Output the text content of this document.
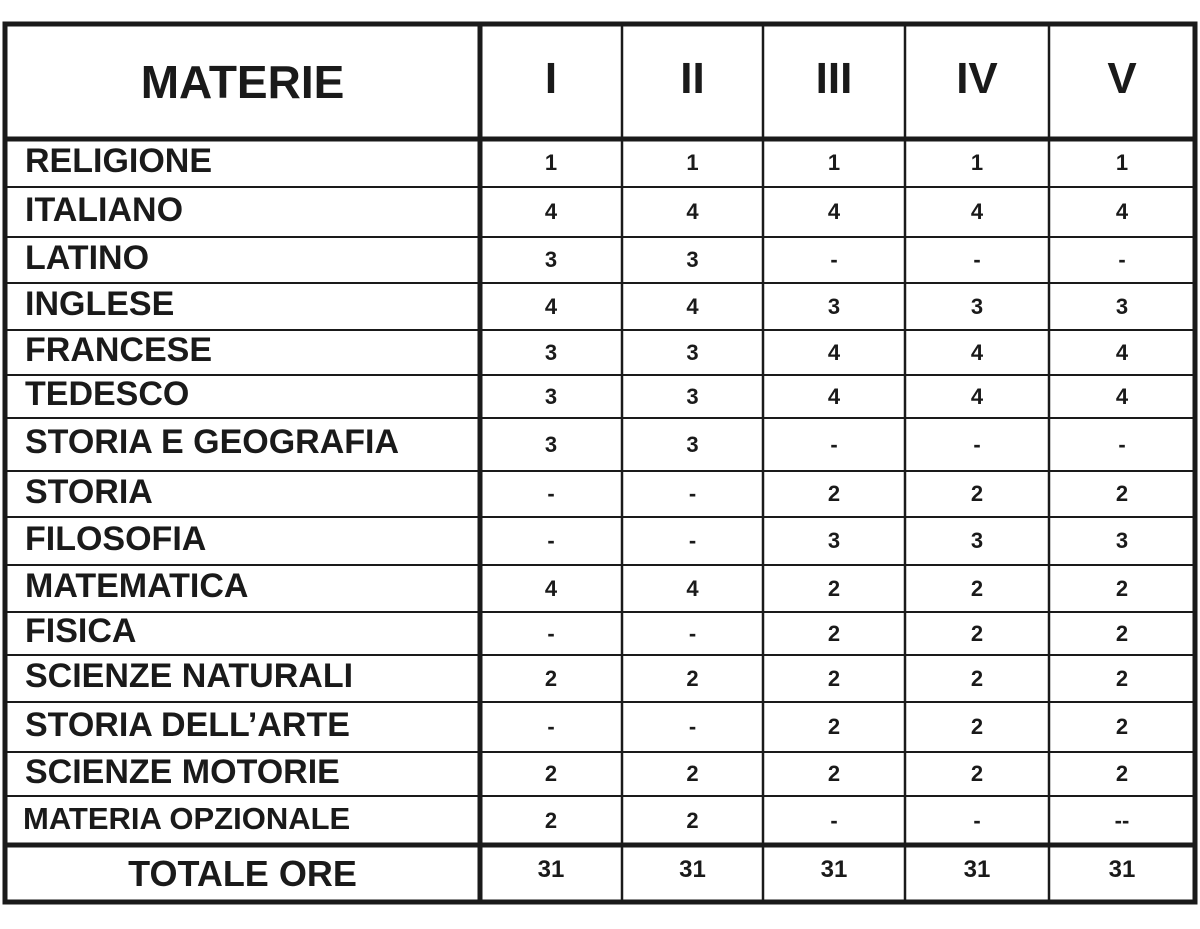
MATERIE	I	II	III	IV	V
RELIGIONE	1	1	1	1	1
ITALIANO	4	4	4	4	4
LATINO	3	3	-	-	-
INGLESE	4	4	3	3	3
FRANCESE	3	3	4	4	4
TEDESCO	3	3	4	4	4
STORIA E GEOGRAFIA	3	3	-	-	-
STORIA	-	-	2	2	2
FILOSOFIA	-	-	3	3	3
MATEMATICA	4	4	2	2	2
FISICA	-	-	2	2	2
SCIENZE NATURALI	2	2	2	2	2
STORIA DELL’ARTE	-	-	2	2	2
SCIENZE MOTORIE	2	2	2	2	2
MATERIA OPZIONALE	2	2	-	-	--
TOTALE ORE	31	31	31	31	31
